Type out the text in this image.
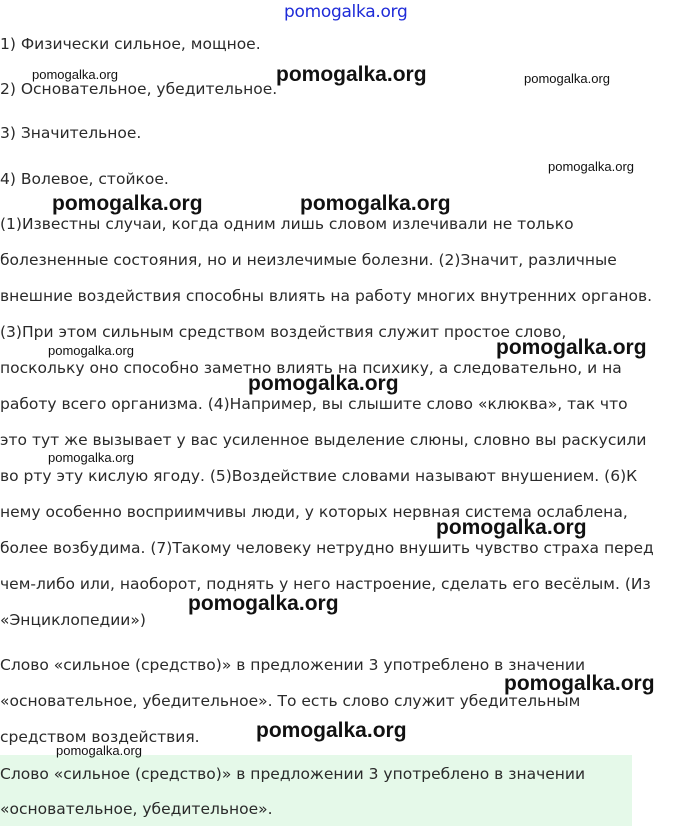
pomogalka.org
1) Физически сильное, мощное.
2) Основательное, убедительное.
3) Значительное.
4) Волевое, стойкое.
(1)Известны случаи, когда одним лишь словом излечивали не только
болезненные состояния, но и неизлечимые болезни. (2)Значит, различные
внешние воздействия способны влиять на работу многих внутренних органов.
(3)При этом сильным средством воздействия служит простое слово,
поскольку оно способно заметно влиять на психику, а следовательно, и на
работу всего организма. (4)Например, вы слышите слово «клюква», так что
это тут же вызывает у вас усиленное выделение слюны, словно вы раскусили
во рту эту кислую ягоду. (5)Воздействие словами называют внушением. (6)К
нему особенно восприимчивы люди, у которых нервная система ослаблена,
более возбудима. (7)Такому человеку нетрудно внушить чувство страха перед
чем-либо или, наоборот, поднять у него настроение, сделать его весёлым. (Из
«Энциклопедии»)
Слово «сильное (средство)» в предложении 3 употреблено в значении
«основательное, убедительное». То есть слово служит убедительным
средством воздействия.
Слово «сильное (средство)» в предложении 3 употреблено в значении
«основательное, убедительное».
pomogalka.org	pomogalka.org	pomogalka.org
pomogalka.org
pomogalka.org	pomogalka.org
pomogalka.org	pomogalka.org
pomogalka.org
pomogalka.org
pomogalka.org
pomogalka.org
pomogalka.org
pomogalka.org
pomogalka.org
